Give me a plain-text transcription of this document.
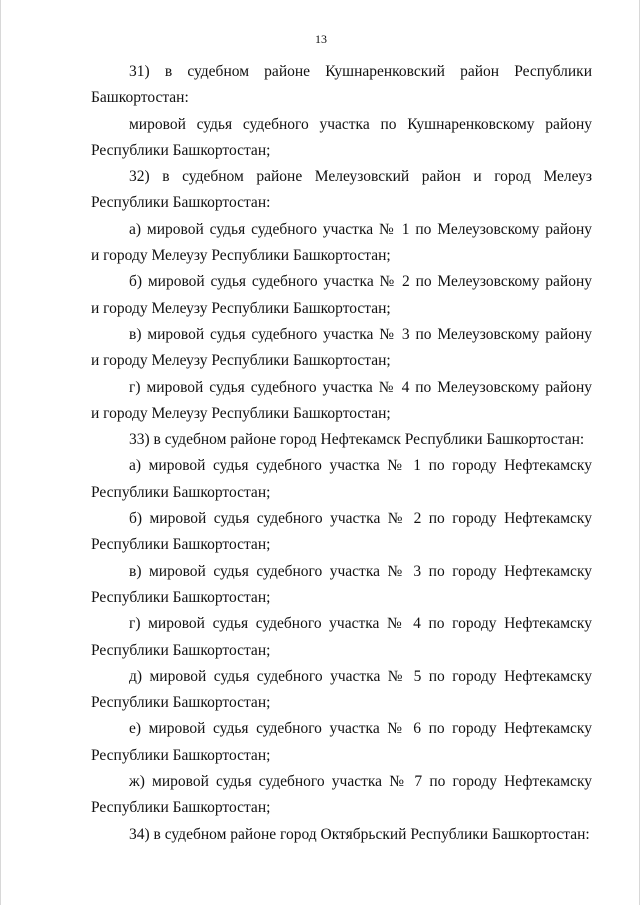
13
31) в судебном районе Кушнаренковский район Республики
Башкортостан:
мировой судья судебного участка по Кушнаренковскому району
Республики Башкортостан;
32) в судебном районе Мелеузовский район и город Мелеуз
Республики Башкортостан:
а) мировой судья судебного участка № 1 по Мелеузовскому району
и городу Мелеузу Республики Башкортостан;
б) мировой судья судебного участка № 2 по Мелеузовскому району
и городу Мелеузу Республики Башкортостан;
в) мировой судья судебного участка № 3 по Мелеузовскому району
и городу Мелеузу Республики Башкортостан;
г) мировой судья судебного участка № 4 по Мелеузовскому району
и городу Мелеузу Республики Башкортостан;
33) в судебном районе город Нефтекамск Республики Башкортостан:
а) мировой судья судебного участка № 1 по городу Нефтекамску
Республики Башкортостан;
б) мировой судья судебного участка № 2 по городу Нефтекамску
Республики Башкортостан;
в) мировой судья судебного участка № 3 по городу Нефтекамску
Республики Башкортостан;
г) мировой судья судебного участка № 4 по городу Нефтекамску
Республики Башкортостан;
д) мировой судья судебного участка № 5 по городу Нефтекамску
Республики Башкортостан;
е) мировой судья судебного участка № 6 по городу Нефтекамску
Республики Башкортостан;
ж) мировой судья судебного участка № 7 по городу Нефтекамску
Республики Башкортостан;
34) в судебном районе город Октябрьский Республики Башкортостан:
